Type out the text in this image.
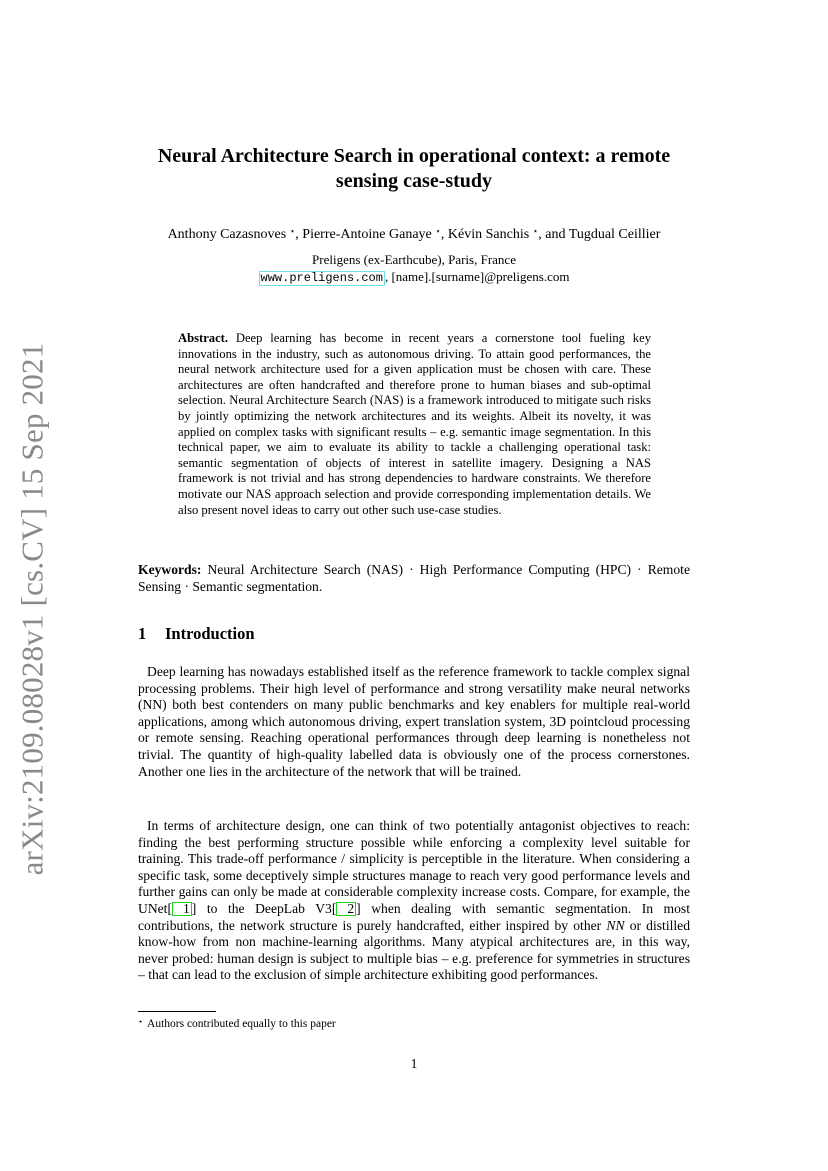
arXiv:2109.08028v1 [cs.CV] 15 Sep 2021
Neural Architecture Search in operational context: a remote sensing case-study
Anthony Cazasnoves ⋆, Pierre-Antoine Ganaye ⋆, Kévin Sanchis ⋆, and Tugdual Ceillier
Preligens (ex-Earthcube), Paris, France
www.preligens.com , [name].[surname]@preligens.com
Abstract. Deep learning has become in recent years a cornerstone tool fueling key innovations in the industry, such as autonomous driving. To attain good performances, the neural network architecture used for a given application must be chosen with care. These architectures are often handcrafted and therefore prone to human biases and sub-optimal selection. Neural Architecture Search (NAS) is a framework introduced to mitigate such risks by jointly optimizing the network architectures and its weights. Albeit its novelty, it was applied on complex tasks with significant results – e.g. semantic image segmentation. In this technical paper, we aim to evaluate its ability to tackle a challenging operational task: semantic segmentation of objects of interest in satellite imagery. Designing a NAS framework is not trivial and has strong dependencies to hardware constraints. We therefore motivate our NAS approach selection and provide corresponding implementation details. We also present novel ideas to carry out other such use-case studies.
Keywords: Neural Architecture Search (NAS) · High Performance Computing (HPC) · Remote Sensing · Semantic segmentation.
1 Introduction
Deep learning has nowadays established itself as the reference framework to tackle complex signal processing problems. Their high level of performance and strong versatility make neural networks (NN) both best contenders on many public benchmarks and key enablers for multiple real-world applications, among which autonomous driving, expert translation system, 3D pointcloud processing or remote sensing. Reaching operational performances through deep learning is nonetheless not trivial. The quantity of high-quality labelled data is obviously one of the process cornerstones. Another one lies in the architecture of the network that will be trained.
In terms of architecture design, one can think of two potentially antagonist objectives to reach: finding the best performing structure possible while enforcing a complexity level suitable for training. This trade-off performance / simplicity is perceptible in the literature. When considering a specific task, some deceptively simple structures manage to reach very good performance levels and further gains can only be made at considerable complexity increase costs. Compare, for example, the UNet[ 1 ] to the DeepLab V3[ 2 ] when dealing with semantic segmentation. In most contributions, the network structure is purely handcrafted, either inspired by other NN or distilled know-how from non machine-learning algorithms. Many atypical architectures are, in this way, never probed: human design is subject to multiple bias – e.g. preference for symmetries in structures – that can lead to the exclusion of simple architecture exhibiting good performances.
⋆ Authors contributed equally to this paper
1
